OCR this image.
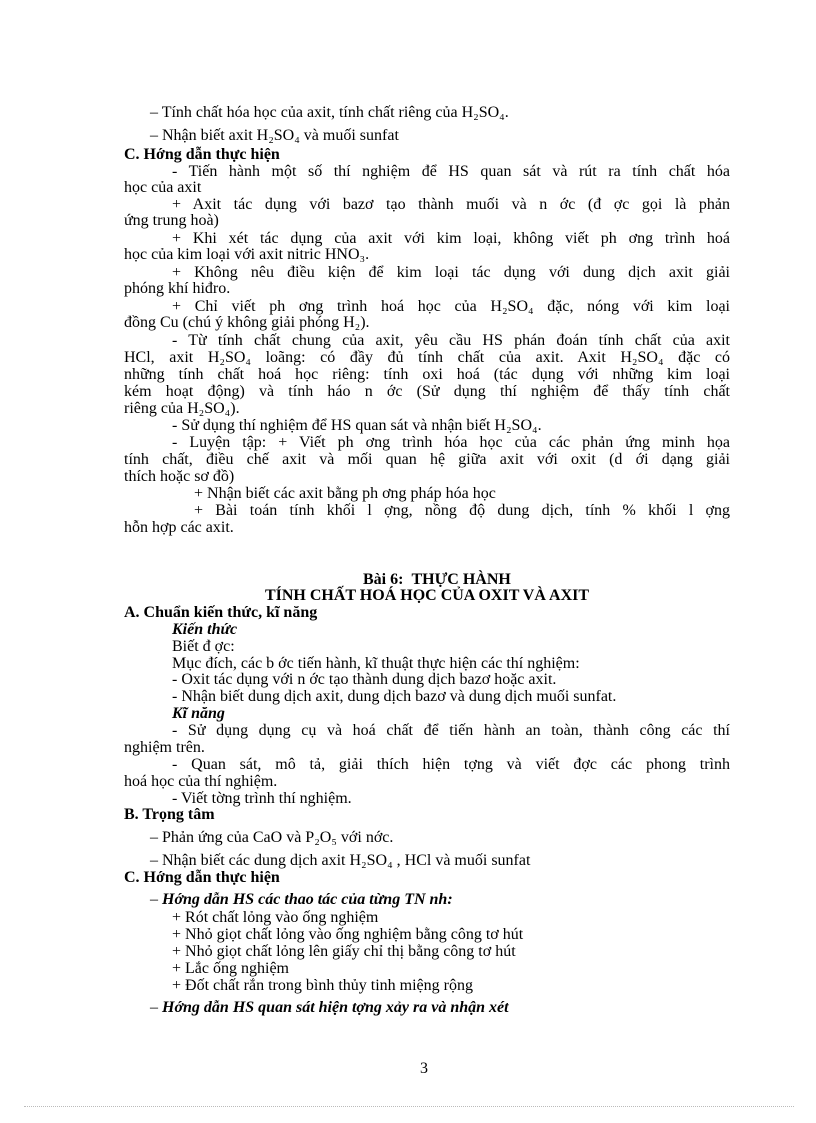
– Tính chất hóa học của axit, tính chất riêng của H₂SO₄.
– Nhận biết axit H₂SO₄ và muối sunfat
C. Hớng dẫn thực hiện
- Tiến hành một số thí nghiệm để HS quan sát và rút ra tính chất hóa
học của axit
+ Axit tác dụng với bazơ tạo thành muối và n ớc (đ ợc gọi là phản
ứng trung hoà)
+ Khi xét tác dụng của axit với kim loại, không viết ph ơng trình hoá
học của kim loại với axit nitric HNO₃.
+ Không nêu điều kiện để kim loại tác dụng với dung dịch axit giải
phóng khí hiđro.
+ Chỉ viết ph ơng trình hoá học của H₂SO₄ đặc, nóng với kim loại
đồng Cu (chú ý không giải phóng H₂).
- Từ tính chất chung của axit, yêu cầu HS phán đoán tính chất của axit
HCl, axit H₂SO₄ loãng: có đầy đủ tính chất của axit. Axit H₂SO₄ đặc có
những tính chất hoá học riêng: tính oxi hoá (tác dụng với những kim loại
kém hoạt động) và tính háo n ớc (Sử dụng thí nghiệm để thấy tính chất
riêng của H₂SO₄).
- Sử dụng thí nghiệm để HS quan sát và nhận biết H₂SO₄.
- Luyện tập: + Viết ph ơng trình hóa học của các phản ứng minh họa
tính chất, điều chế axit và mối quan hệ giữa axit với oxit (d ới dạng giải
thích hoặc sơ đồ)
+ Nhận biết các axit bằng ph ơng pháp hóa học
+ Bài toán tính khối l ợng, nồng độ dung dịch, tính % khối l ợng
hỗn hợp các axit.
Bài 6: THỰC HÀNH
TÍNH CHẤT HOÁ HỌC CỦA OXIT VÀ AXIT
A. Chuẩn kiến thức, kĩ năng
Kiến thức
Biết đ ợc:
Mục đích, các b ớc tiến hành, kĩ thuật thực hiện các thí nghiệm:
- Oxit tác dụng với n ớc tạo thành dung dịch bazơ hoặc axit.
- Nhận biết dung dịch axit, dung dịch bazơ và dung dịch muối sunfat.
Kĩ năng
- Sử dụng dụng cụ và hoá chất để tiến hành an toàn, thành công các thí
nghiệm trên.
- Quan sát, mô tả, giải thích hiện tợng và viết đợc các phong trình
hoá học của thí nghiệm.
- Viết tờng trình thí nghiệm.
B. Trọng tâm
– Phản ứng của CaO và P₂O₅ với nớc.
– Nhận biết các dung dịch axit H₂SO₄ , HCl và muối sunfat
C. Hớng dẫn thực hiện
– Hớng dẫn HS các thao tác của từng TN nh:
+ Rót chất lỏng vào ống nghiệm
+ Nhỏ giọt chất lỏng vào ống nghiệm bằng công tơ hút
+ Nhỏ giọt chất lỏng lên giấy chỉ thị bằng công tơ hút
+ Lắc ống nghiệm
+ Đốt chất rắn trong bình thủy tinh miệng rộng
– Hớng dẫn HS quan sát hiện tợng xảy ra và nhận xét
3
